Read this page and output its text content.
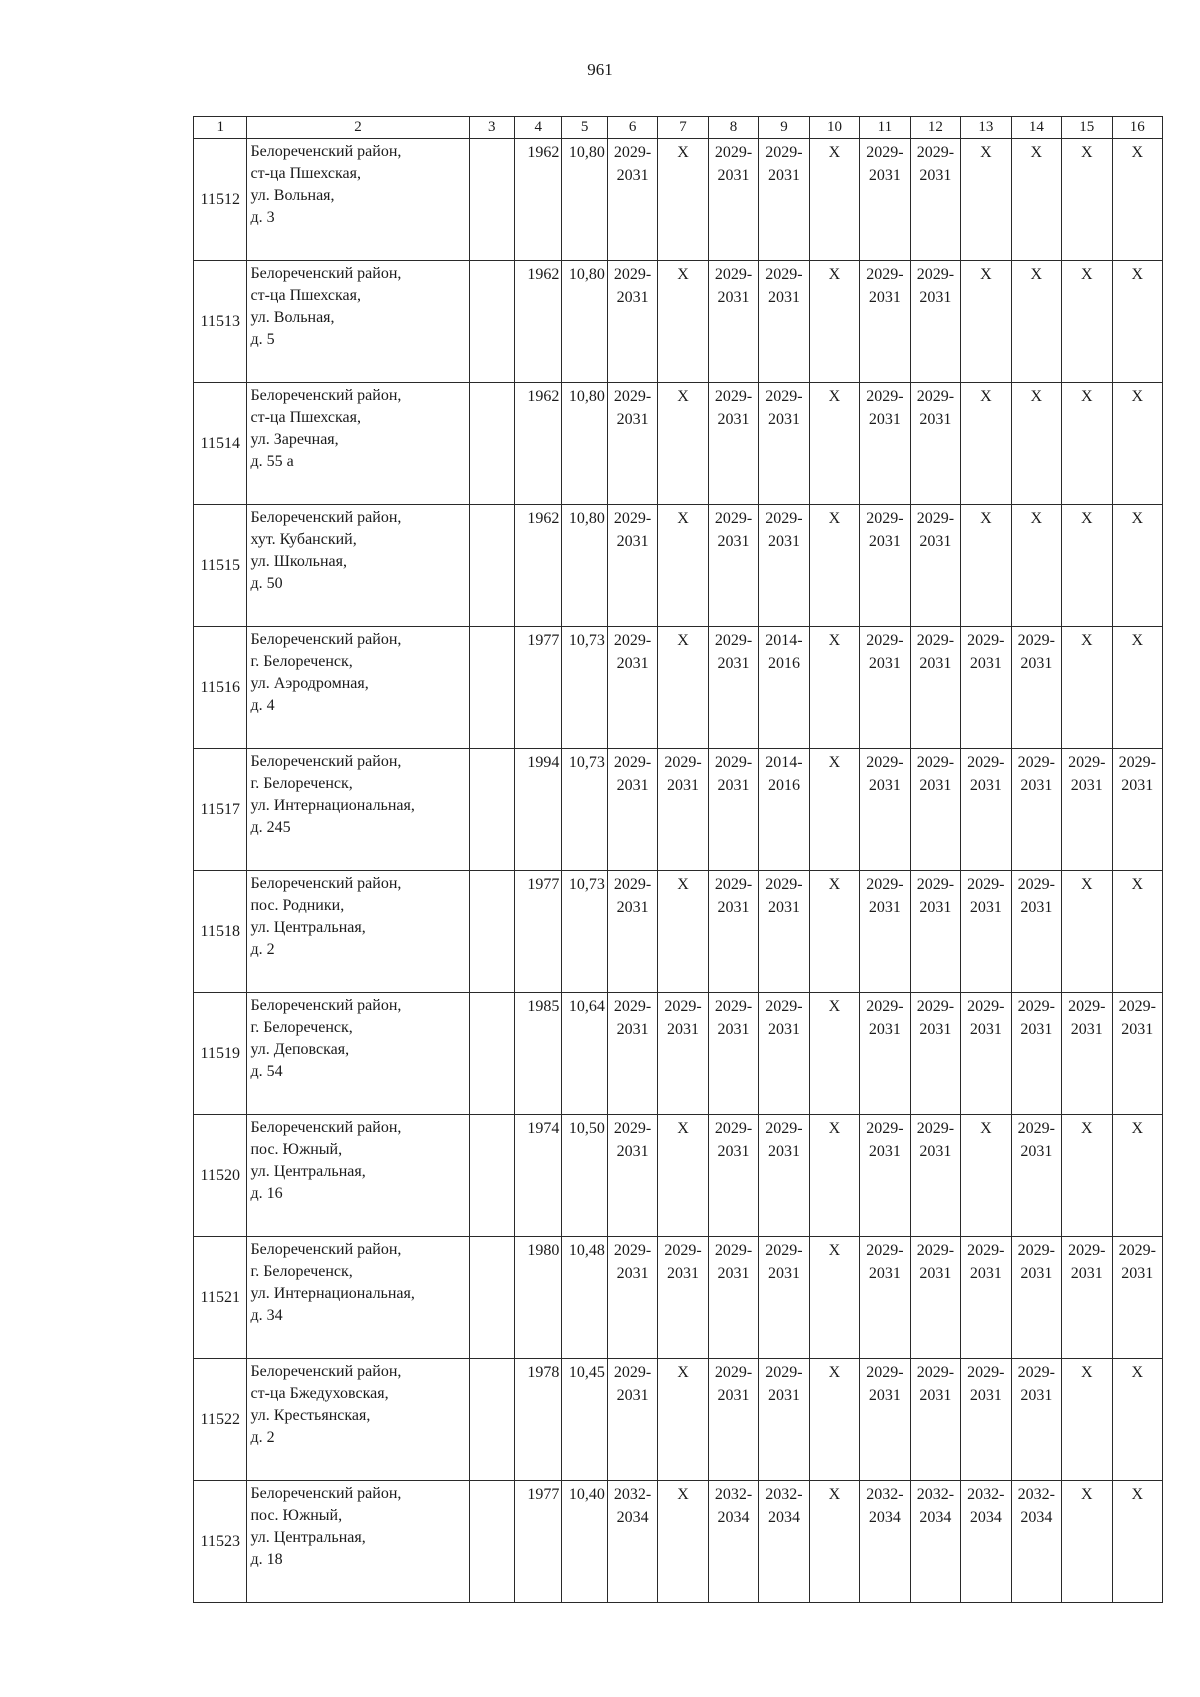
961
1	2	3	4	5	6	7	8	9	10	11	12	13	14	15	16
11512	Белореченский район,
ст-ца Пшехская,
ул. Вольная,
д. 3		1962	10,80	2029-
2031	X	2029-
2031	2029-
2031	X	2029-
2031	2029-
2031	X	X	X	X
11513	Белореченский район,
ст-ца Пшехская,
ул. Вольная,
д. 5		1962	10,80	2029-
2031	X	2029-
2031	2029-
2031	X	2029-
2031	2029-
2031	X	X	X	X
11514	Белореченский район,
ст-ца Пшехская,
ул. Заречная,
д. 55 а		1962	10,80	2029-
2031	X	2029-
2031	2029-
2031	X	2029-
2031	2029-
2031	X	X	X	X
11515	Белореченский район,
хут. Кубанский,
ул. Школьная,
д. 50		1962	10,80	2029-
2031	X	2029-
2031	2029-
2031	X	2029-
2031	2029-
2031	X	X	X	X
11516	Белореченский район,
г. Белореченск,
ул. Аэродромная,
д. 4		1977	10,73	2029-
2031	X	2029-
2031	2014-
2016	X	2029-
2031	2029-
2031	2029-
2031	2029-
2031	X	X
11517	Белореченский район,
г. Белореченск,
ул. Интернациональная,
д. 245		1994	10,73	2029-
2031	2029-
2031	2029-
2031	2014-
2016	X	2029-
2031	2029-
2031	2029-
2031	2029-
2031	2029-
2031	2029-
2031
11518	Белореченский район,
пос. Родники,
ул. Центральная,
д. 2		1977	10,73	2029-
2031	X	2029-
2031	2029-
2031	X	2029-
2031	2029-
2031	2029-
2031	2029-
2031	X	X
11519	Белореченский район,
г. Белореченск,
ул. Деповская,
д. 54		1985	10,64	2029-
2031	2029-
2031	2029-
2031	2029-
2031	X	2029-
2031	2029-
2031	2029-
2031	2029-
2031	2029-
2031	2029-
2031
11520	Белореченский район,
пос. Южный,
ул. Центральная,
д. 16		1974	10,50	2029-
2031	X	2029-
2031	2029-
2031	X	2029-
2031	2029-
2031	X	2029-
2031	X	X
11521	Белореченский район,
г. Белореченск,
ул. Интернациональная,
д. 34		1980	10,48	2029-
2031	2029-
2031	2029-
2031	2029-
2031	X	2029-
2031	2029-
2031	2029-
2031	2029-
2031	2029-
2031	2029-
2031
11522	Белореченский район,
ст-ца Бжедуховская,
ул. Крестьянская,
д. 2		1978	10,45	2029-
2031	X	2029-
2031	2029-
2031	X	2029-
2031	2029-
2031	2029-
2031	2029-
2031	X	X
11523	Белореченский район,
пос. Южный,
ул. Центральная,
д. 18		1977	10,40	2032-
2034	X	2032-
2034	2032-
2034	X	2032-
2034	2032-
2034	2032-
2034	2032-
2034	X	X
